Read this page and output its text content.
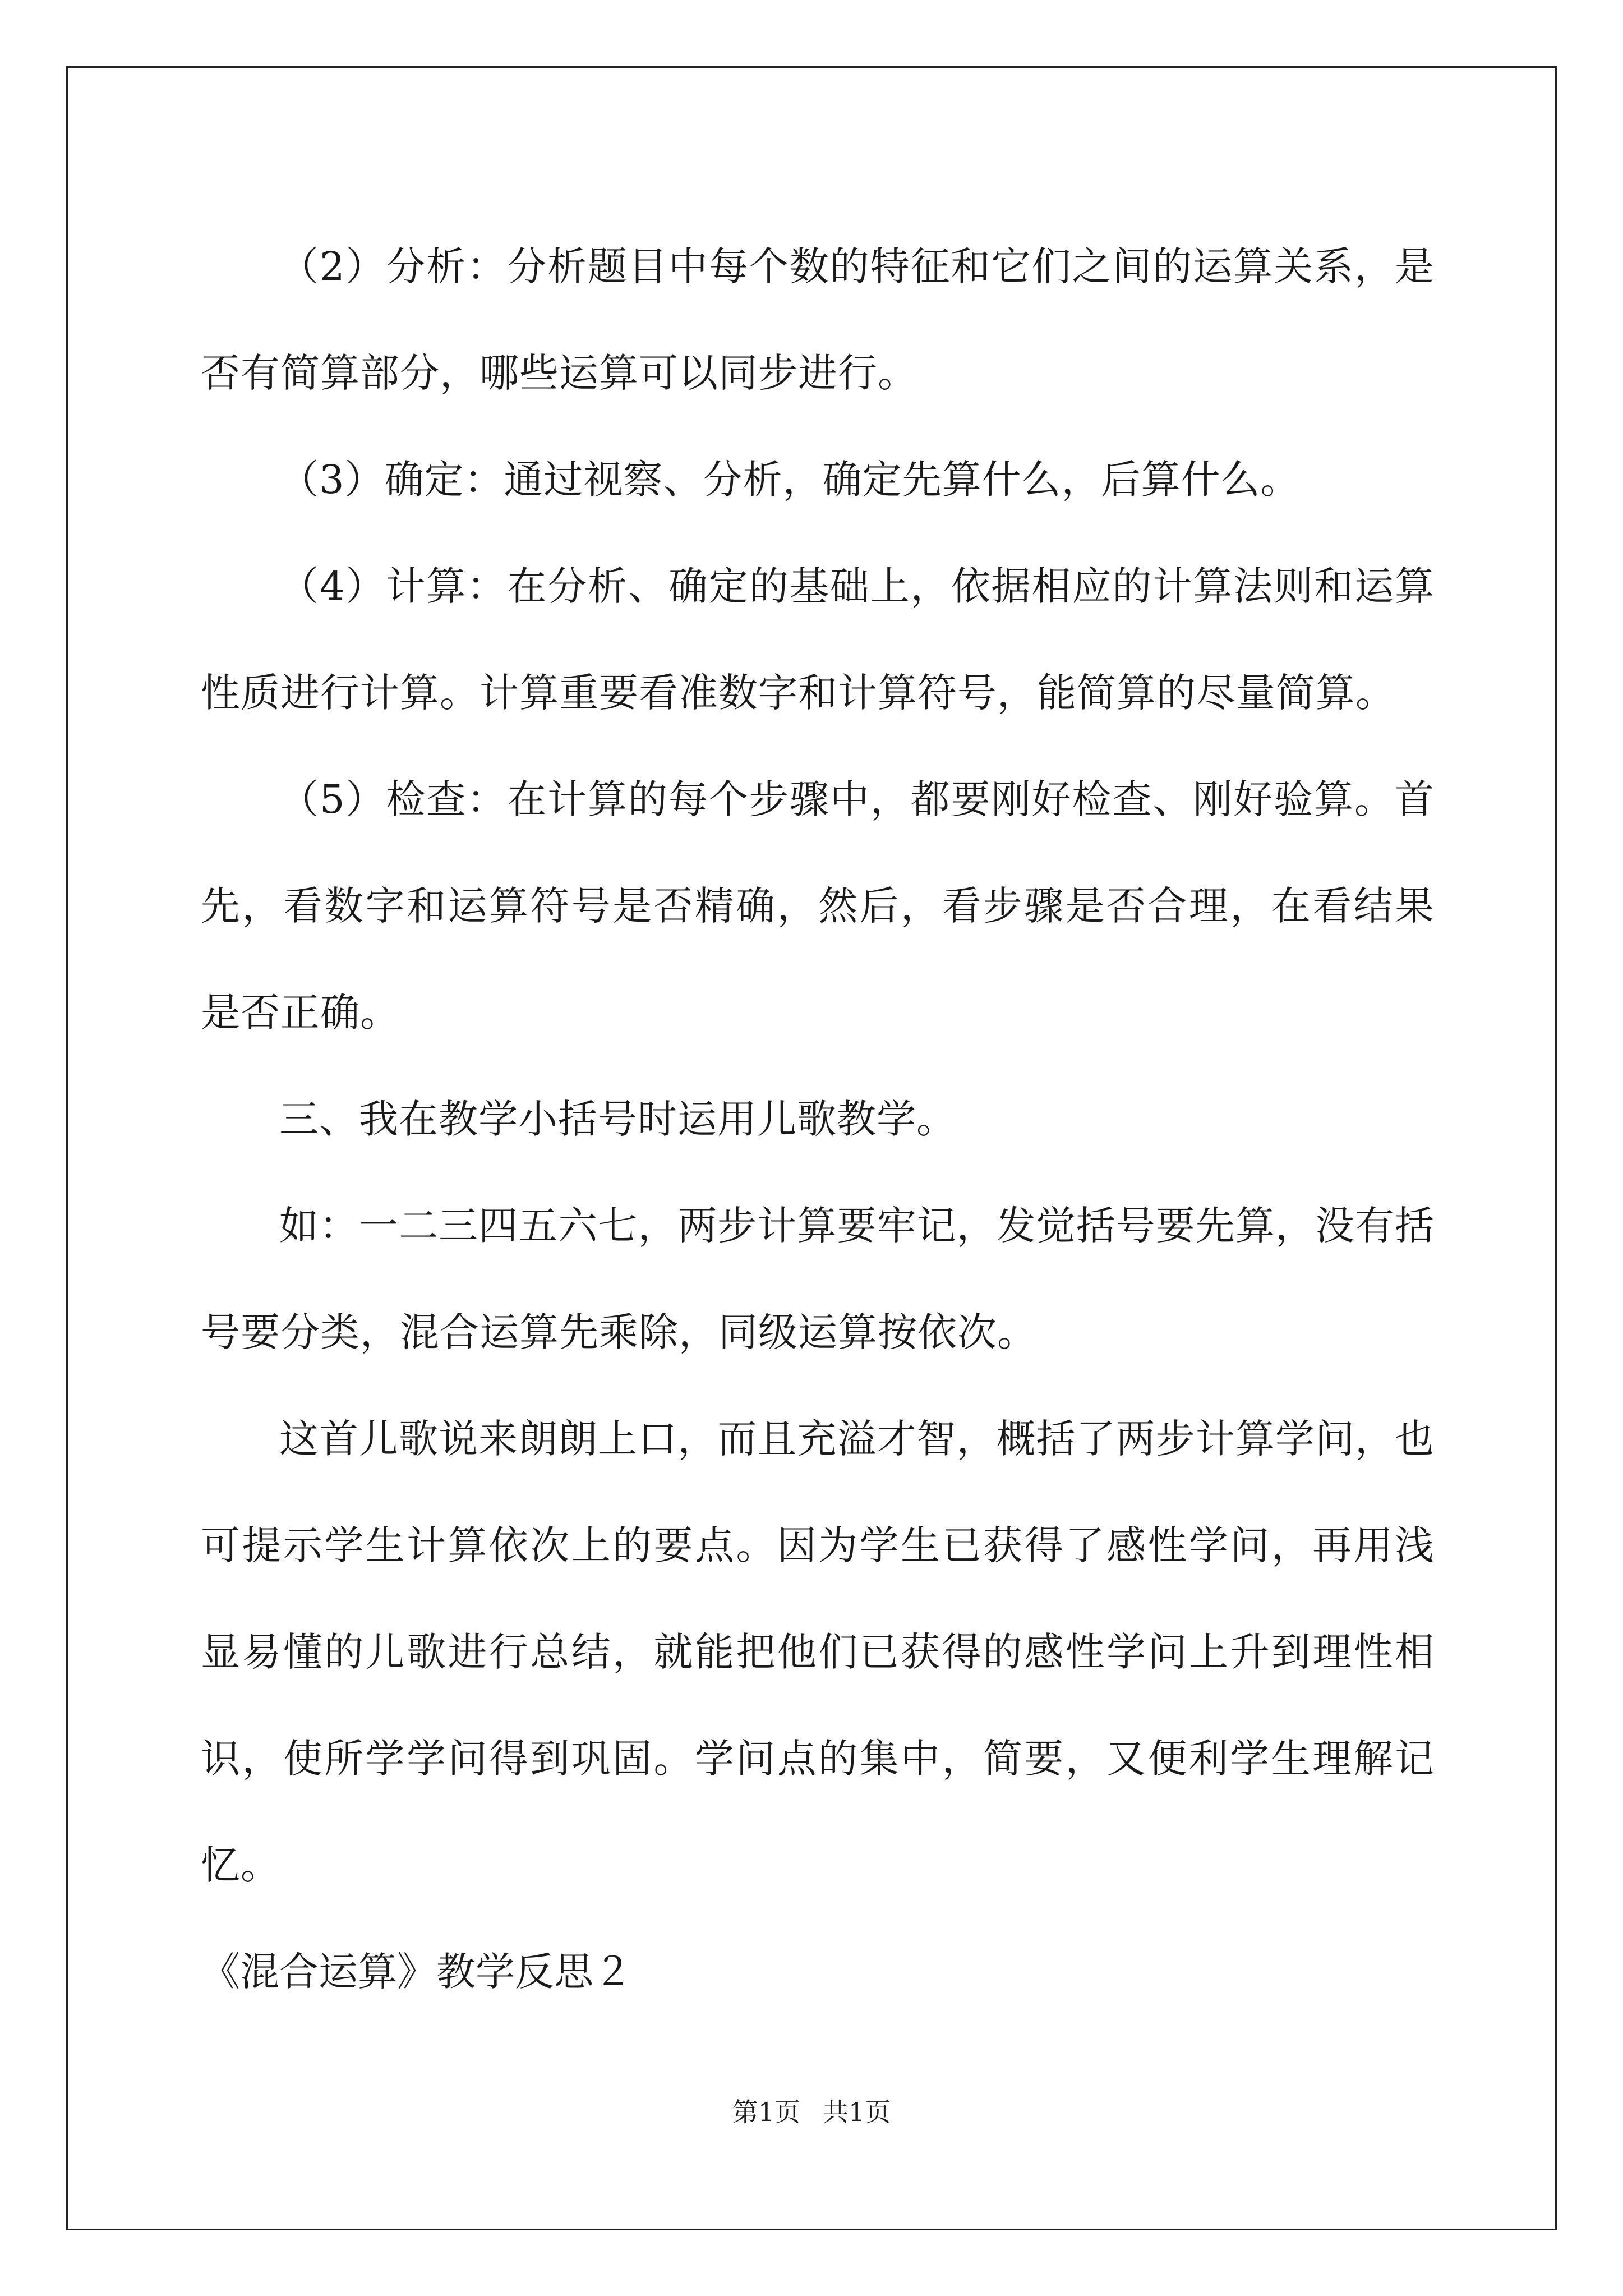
（2）分析：分析题目中每个数的特征和它们之间的运算关系，是否有简算部分，哪些运算可以同步进行。

（3）确定：通过视察、分析，确定先算什么，后算什么。

（4）计算：在分析、确定的基础上，依据相应的计算法则和运算性质进行计算。计算重要看准数字和计算符号，能简算的尽量简算。

（5）检查：在计算的每个步骤中，都要刚好检查、刚好验算。首先，看数字和运算符号是否精确，然后，看步骤是否合理，在看结果是否正确。

三、我在教学小括号时运用儿歌教学。

如：一二三四五六七，两步计算要牢记，发觉括号要先算，没有括号要分类，混合运算先乘除，同级运算按依次。

这首儿歌说来朗朗上口，而且充溢才智，概括了两步计算学问，也可提示学生计算依次上的要点。因为学生已获得了感性学问，再用浅显易懂的儿歌进行总结，就能把他们已获得的感性学问上升到理性相识，使所学学问得到巩固。学问点的集中，简要，又便利学生理解记忆。

《混合运算》教学反思２

第1页 共1页
